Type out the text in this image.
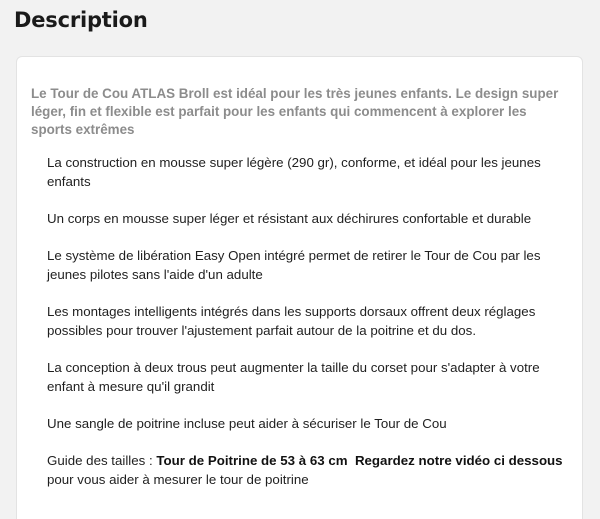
Description

Le Tour de Cou ATLAS Broll est idéal pour les très jeunes enfants. Le design super léger, fin et flexible est parfait pour les enfants qui commencent à explorer les sports extrêmes

La construction en mousse super légère (290 gr), conforme, et idéal pour les jeunes enfants
Un corps en mousse super léger et résistant aux déchirures confortable et durable
Le système de libération Easy Open intégré permet de retirer le Tour de Cou par les jeunes pilotes sans l'aide d'un adulte
Les montages intelligents intégrés dans les supports dorsaux offrent deux réglages possibles pour trouver l'ajustement parfait autour de la poitrine et du dos.
La conception à deux trous peut augmenter la taille du corset pour s'adapter à votre enfant à mesure qu'il grandit
Une sangle de poitrine incluse peut aider à sécuriser le Tour de Cou
Guide des tailles : Tour de Poitrine de 53 à 63 cm Regardez notre vidéo ci dessous pour vous aider à mesurer le tour de poitrine
